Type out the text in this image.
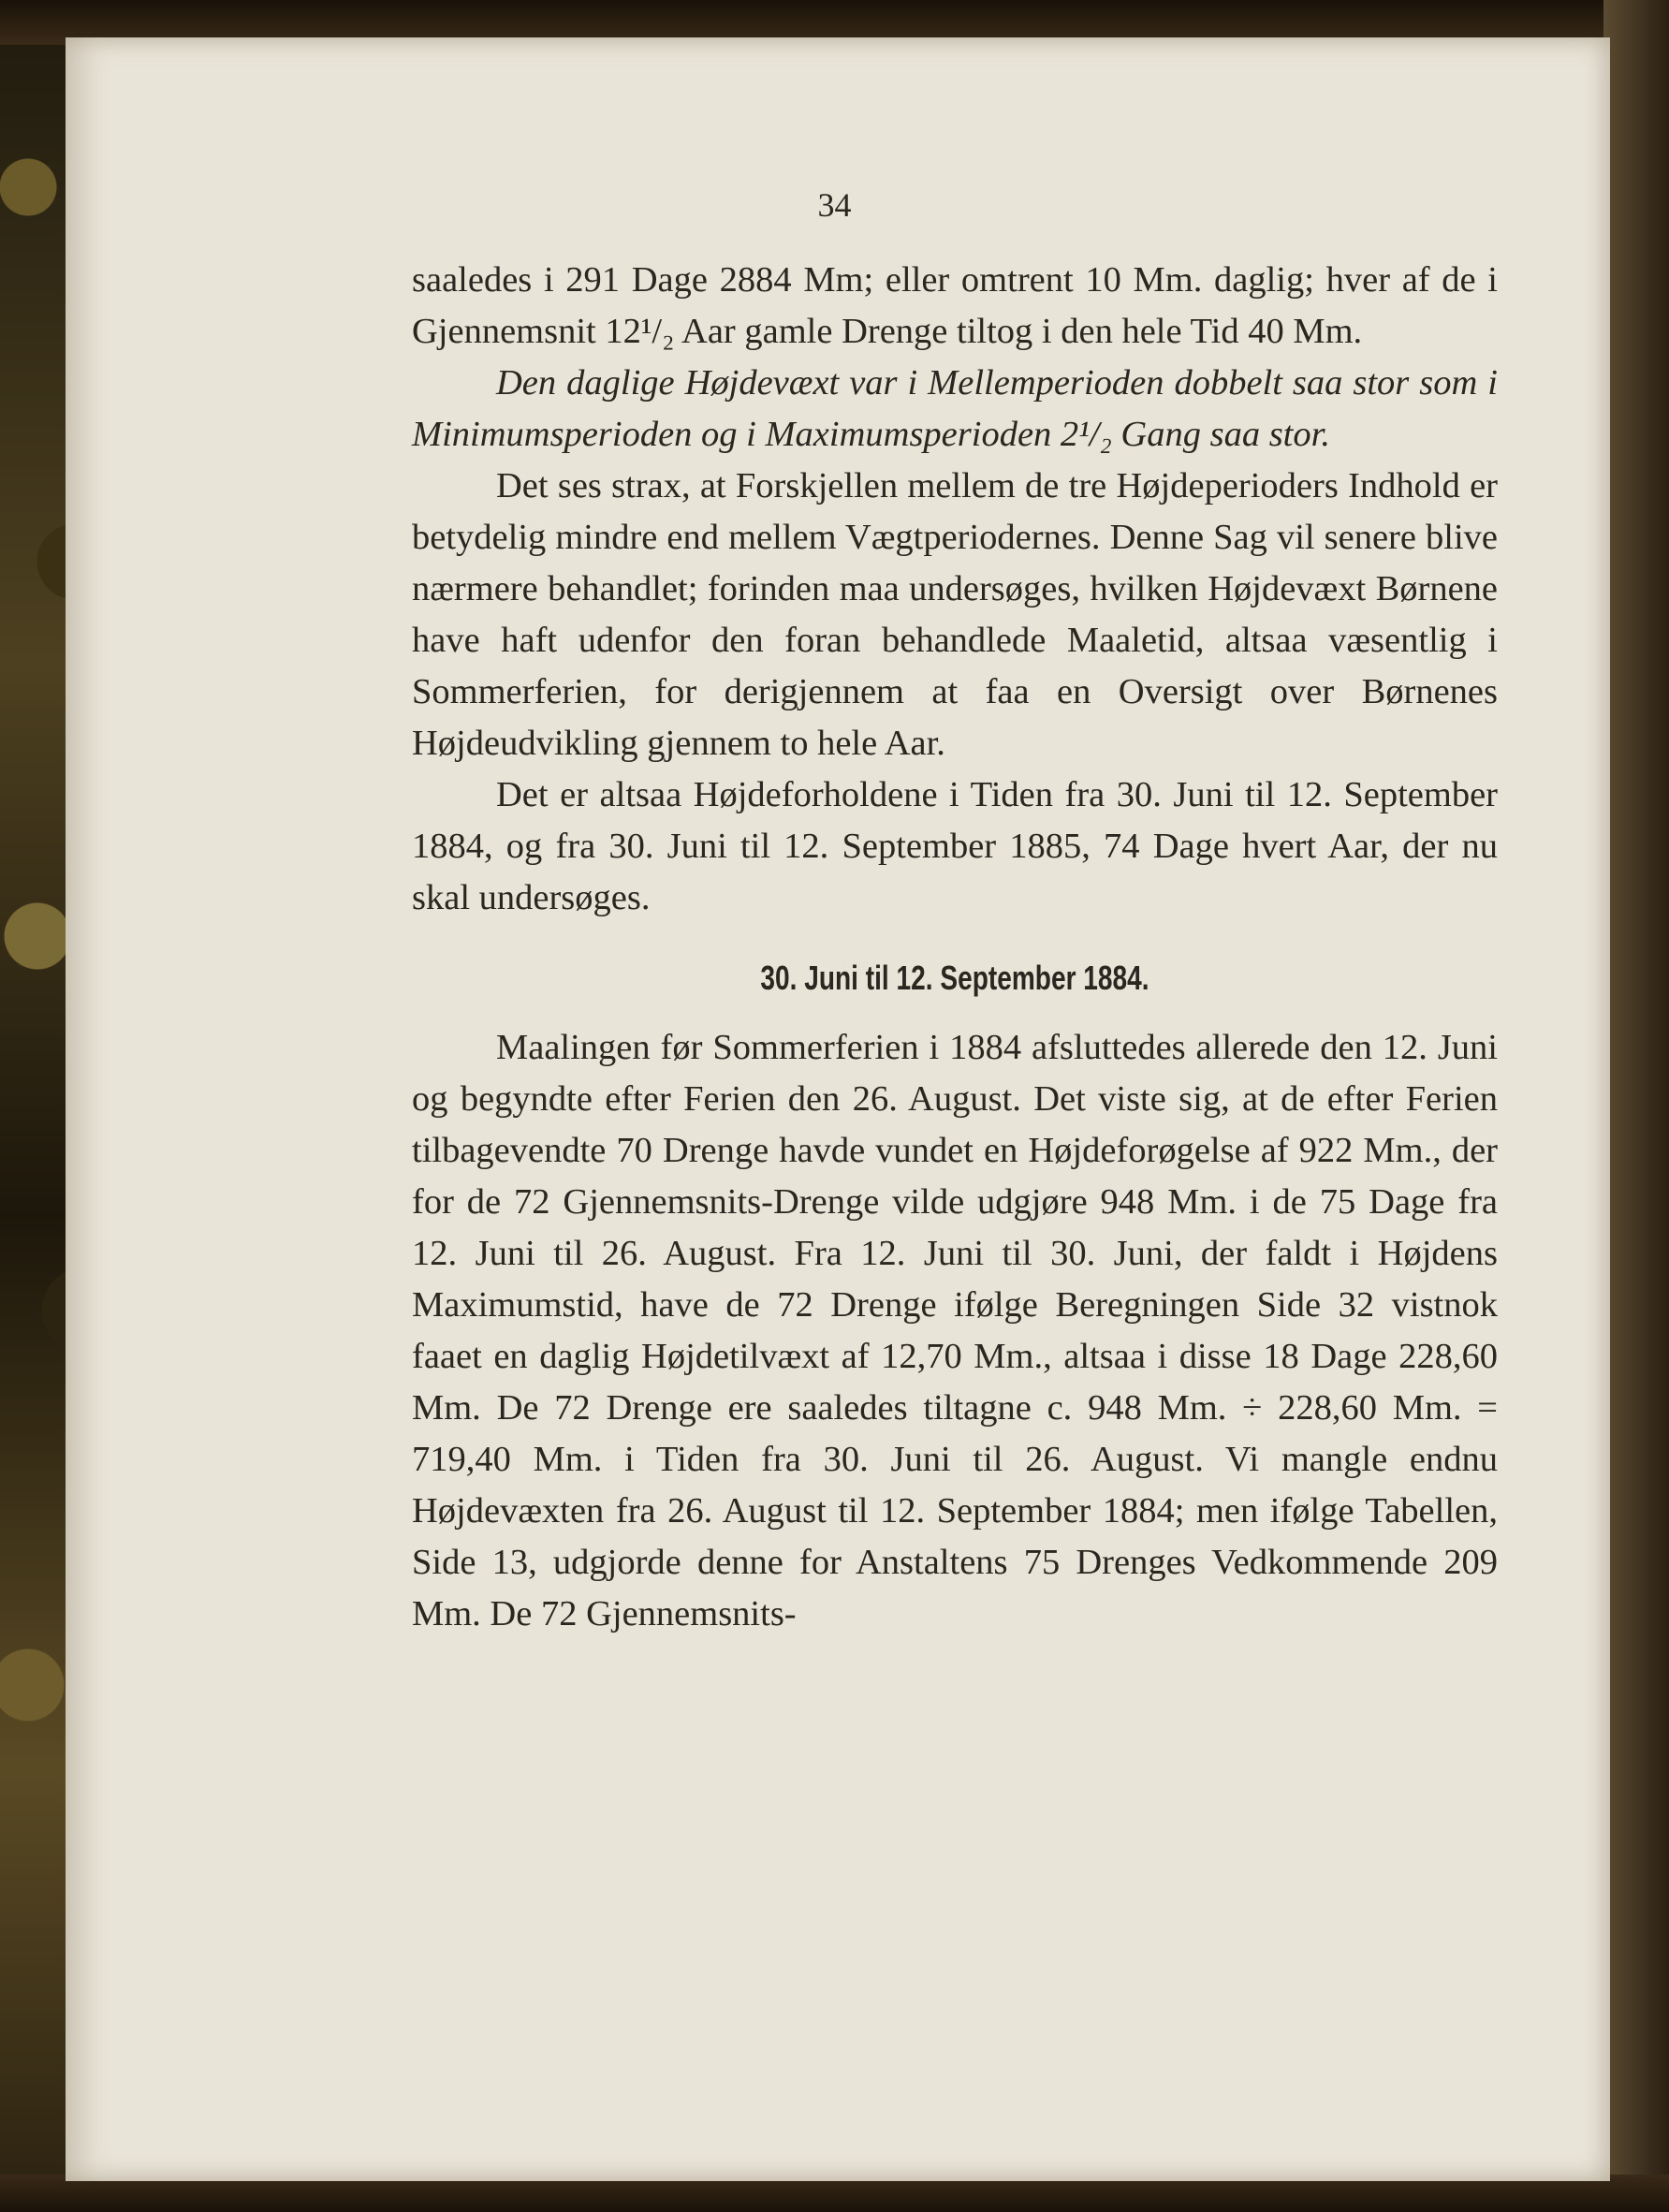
34

saaledes i 291 Dage 2884 Mm; eller omtrent 10 Mm. daglig; hver af de i Gjennemsnit 12¹/₂ Aar gamle Drenge tiltog i den hele Tid 40 Mm.

Den daglige Højdevæxt var i Mellemperioden dobbelt saa stor som i Minimumsperioden og i Maximumsperioden 2¹/₂ Gang saa stor.

Det ses strax, at Forskjellen mellem de tre Højdeperioders Indhold er betydelig mindre end mellem Vægtperiodernes. Denne Sag vil senere blive nærmere behandlet; forinden maa undersøges, hvilken Højdevæxt Børnene have haft udenfor den foran behandlede Maaletid, altsaa væsentlig i Sommerferien, for derigjennem at faa en Oversigt over Børnenes Højdeudvikling gjennem to hele Aar.

Det er altsaa Højdeforholdene i Tiden fra 30. Juni til 12. September 1884, og fra 30. Juni til 12. September 1885, 74 Dage hvert Aar, der nu skal undersøges.

30. Juni til 12. September 1884.

Maalingen før Sommerferien i 1884 afsluttedes allerede den 12. Juni og begyndte efter Ferien den 26. August. Det viste sig, at de efter Ferien tilbagevendte 70 Drenge havde vundet en Højdeforøgelse af 922 Mm., der for de 72 Gjennemsnits-Drenge vilde udgjøre 948 Mm. i de 75 Dage fra 12. Juni til 26. August. Fra 12. Juni til 30. Juni, der faldt i Højdens Maximumstid, have de 72 Drenge ifølge Beregningen Side 32 vistnok faaet en daglig Højdetilvæxt af 12,70 Mm., altsaa i disse 18 Dage 228,60 Mm. De 72 Drenge ere saaledes tiltagne c. 948 Mm. ÷ 228,60 Mm. = 719,40 Mm. i Tiden fra 30. Juni til 26. August. Vi mangle endnu Højdevæxten fra 26. August til 12. September 1884; men ifølge Tabellen, Side 13, udgjorde denne for Anstaltens 75 Drenges Vedkommende 209 Mm. De 72 Gjennemsnits-
